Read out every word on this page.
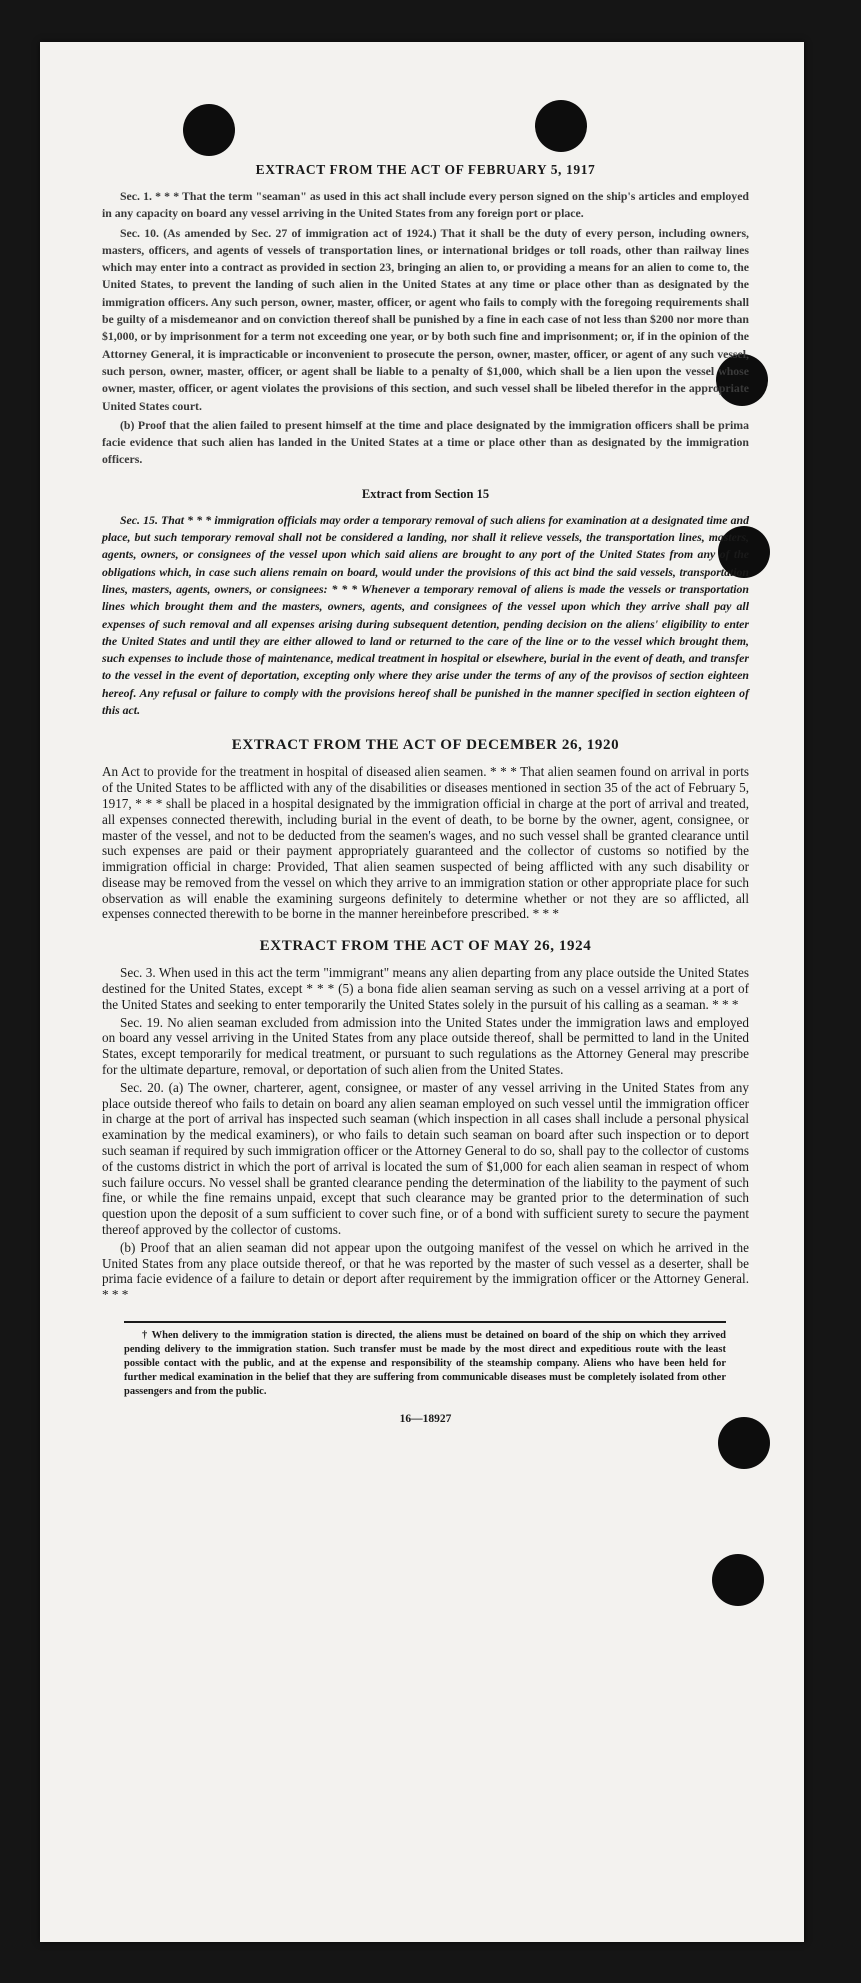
EXTRACT FROM THE ACT OF FEBRUARY 5, 1917

Sec. 1. * * * That the term "seaman" as used in this act shall include every person signed on the ship's articles and employed in any capacity on board any vessel arriving in the United States from any foreign port or place.

Sec. 10. (As amended by Sec. 27 of immigration act of 1924.) That it shall be the duty of every person, including owners, masters, officers, and agents of vessels of transportation lines, or international bridges or toll roads, other than railway lines which may enter into a contract as provided in section 23, bringing an alien to, or providing a means for an alien to come to, the United States, to prevent the landing of such alien in the United States at any time or place other than as designated by the immigration officers. Any such person, owner, master, officer, or agent who fails to comply with the foregoing requirements shall be guilty of a misdemeanor and on conviction thereof shall be punished by a fine in each case of not less than $200 nor more than $1,000, or by imprisonment for a term not exceeding one year, or by both such fine and imprisonment; or, if in the opinion of the Attorney General, it is impracticable or inconvenient to prosecute the person, owner, master, officer, or agent of any such vessel, such person, owner, master, officer, or agent shall be liable to a penalty of $1,000, which shall be a lien upon the vessel whose owner, master, officer, or agent violates the provisions of this section, and such vessel shall be libeled therefor in the appropriate United States court.

(b) Proof that the alien failed to present himself at the time and place designated by the immigration officers shall be prima facie evidence that such alien has landed in the United States at a time or place other than as designated by the immigration officers.

Extract from Section 15

Sec. 15. That * * * immigration officials may order a temporary removal of such aliens for examination at a designated time and place, but such temporary removal shall not be considered a landing, nor shall it relieve vessels, the transportation lines, masters, agents, owners, or consignees of the vessel upon which said aliens are brought to any port of the United States from any of the obligations which, in case such aliens remain on board, would under the provisions of this act bind the said vessels, transportation lines, masters, agents, owners, or consignees: * * * Whenever a temporary removal of aliens is made the vessels or transportation lines which brought them and the masters, owners, agents, and consignees of the vessel upon which they arrive shall pay all expenses of such removal and all expenses arising during subsequent detention, pending decision on the aliens' eligibility to enter the United States and until they are either allowed to land or returned to the care of the line or to the vessel which brought them, such expenses to include those of maintenance, medical treatment in hospital or elsewhere, burial in the event of death, and transfer to the vessel in the event of deportation, excepting only where they arise under the terms of any of the provisos of section eighteen hereof. Any refusal or failure to comply with the provisions hereof shall be punished in the manner specified in section eighteen of this act.

EXTRACT FROM THE ACT OF DECEMBER 26, 1920

An Act to provide for the treatment in hospital of diseased alien seamen. * * * That alien seamen found on arrival in ports of the United States to be afflicted with any of the disabilities or diseases mentioned in section 35 of the act of February 5, 1917, * * * shall be placed in a hospital designated by the immigration official in charge at the port of arrival and treated, all expenses connected therewith, including burial in the event of death, to be borne by the owner, agent, consignee, or master of the vessel, and not to be deducted from the seamen's wages, and no such vessel shall be granted clearance until such expenses are paid or their payment appropriately guaranteed and the collector of customs so notified by the immigration official in charge: Provided, That alien seamen suspected of being afflicted with any such disability or disease may be removed from the vessel on which they arrive to an immigration station or other appropriate place for such observation as will enable the examining surgeons definitely to determine whether or not they are so afflicted, all expenses connected therewith to be borne in the manner hereinbefore prescribed. * * *

EXTRACT FROM THE ACT OF MAY 26, 1924

Sec. 3. When used in this act the term "immigrant" means any alien departing from any place outside the United States destined for the United States, except * * * (5) a bona fide alien seaman serving as such on a vessel arriving at a port of the United States and seeking to enter temporarily the United States solely in the pursuit of his calling as a seaman. * * *

Sec. 19. No alien seaman excluded from admission into the United States under the immigration laws and employed on board any vessel arriving in the United States from any place outside thereof, shall be permitted to land in the United States, except temporarily for medical treatment, or pursuant to such regulations as the Attorney General may prescribe for the ultimate departure, removal, or deportation of such alien from the United States.

Sec. 20. (a) The owner, charterer, agent, consignee, or master of any vessel arriving in the United States from any place outside thereof who fails to detain on board any alien seaman employed on such vessel until the immigration officer in charge at the port of arrival has inspected such seaman (which inspection in all cases shall include a personal physical examination by the medical examiners), or who fails to detain such seaman on board after such inspection or to deport such seaman if required by such immigration officer or the Attorney General to do so, shall pay to the collector of customs of the customs district in which the port of arrival is located the sum of $1,000 for each alien seaman in respect of whom such failure occurs. No vessel shall be granted clearance pending the determination of the liability to the payment of such fine, or while the fine remains unpaid, except that such clearance may be granted prior to the determination of such question upon the deposit of a sum sufficient to cover such fine, or of a bond with sufficient surety to secure the payment thereof approved by the collector of customs.

(b) Proof that an alien seaman did not appear upon the outgoing manifest of the vessel on which he arrived in the United States from any place outside thereof, or that he was reported by the master of such vessel as a deserter, shall be prima facie evidence of a failure to detain or deport after requirement by the immigration officer or the Attorney General. * * *

† When delivery to the immigration station is directed, the aliens must be detained on board of the ship on which they arrived pending delivery to the immigration station. Such transfer must be made by the most direct and expeditious route with the least possible contact with the public, and at the expense and responsibility of the steamship company. Aliens who have been held for further medical examination in the belief that they are suffering from communicable diseases must be completely isolated from other passengers and from the public.

16—18927
